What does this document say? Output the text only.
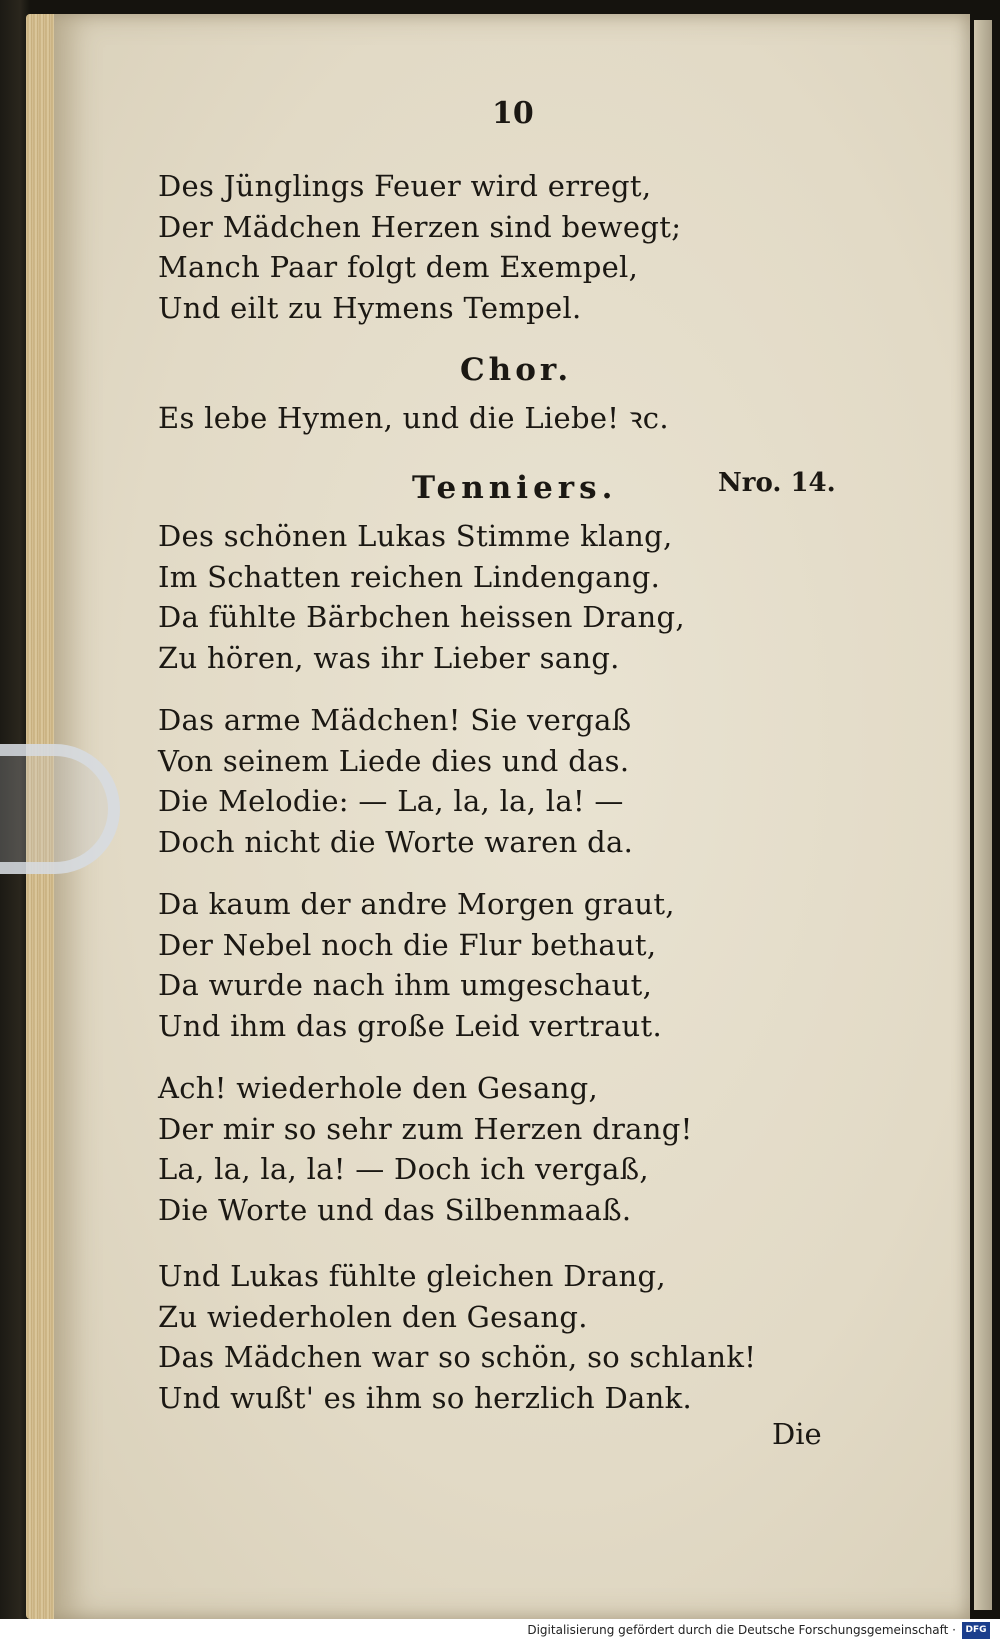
10
Des Jünglings Feuer wird erregt,
Der Mädchen Herzen sind bewegt;
Manch Paar folgt dem Exempel,
Und eilt zu Hymens Tempel.
Chor.
Es lebe Hymen, und die Liebe! ꝛc.
Tenniers.	Nro. 14.
Des schönen Lukas Stimme klang,
Im Schatten reichen Lindengang.
Da fühlte Bärbchen heissen Drang,
Zu hören, was ihr Lieber sang.
Das arme Mädchen! Sie vergaß
Von seinem Liede dies und das.
Die Melodie: — La, la, la, la! —
Doch nicht die Worte waren da.
Da kaum der andre Morgen graut,
Der Nebel noch die Flur bethaut,
Da wurde nach ihm umgeschaut,
Und ihm das große Leid vertraut.
Ach! wiederhole den Gesang,
Der mir so sehr zum Herzen drang!
La, la, la, la! — Doch ich vergaß,
Die Worte und das Silbenmaaß.
Und Lukas fühlte gleichen Drang,
Zu wiederholen den Gesang.
Das Mädchen war so schön, so schlank!
Und wußt' es ihm so herzlich Dank.
Die
Digitalisierung gefördert durch die Deutsche Forschungsgemeinschaft ·	DFG
